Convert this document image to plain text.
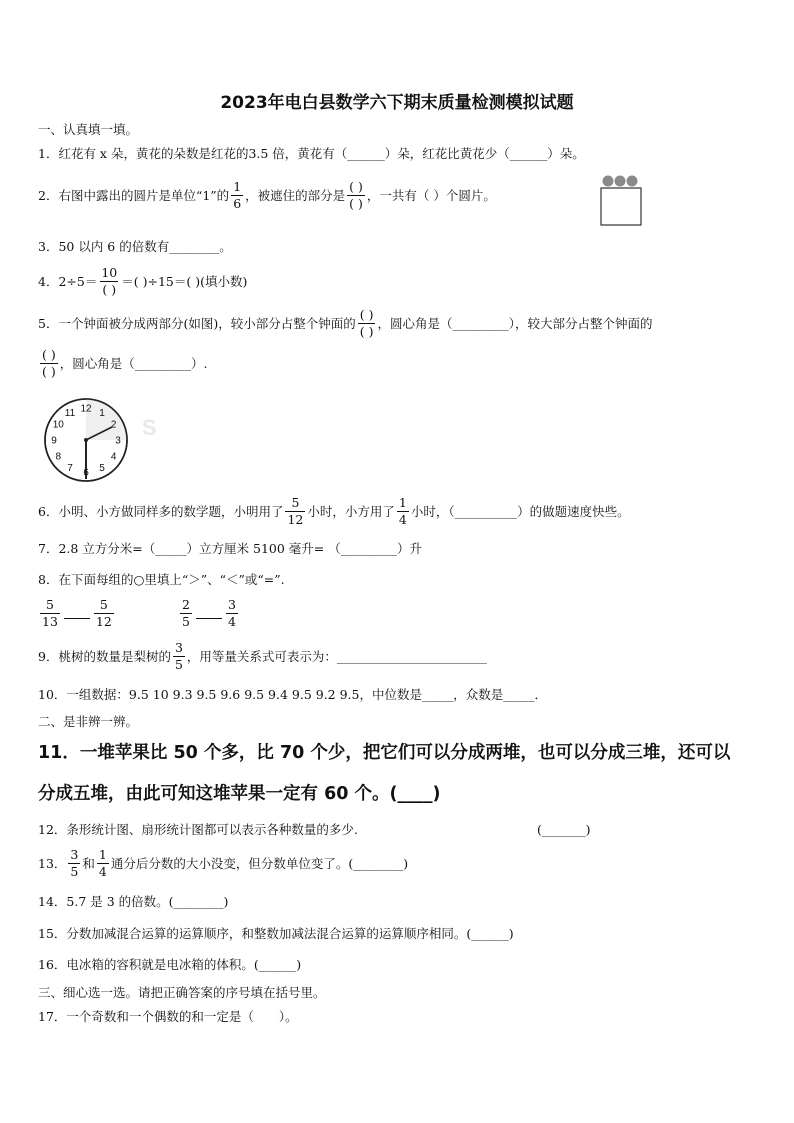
2023年电白县数学六下期末质量检测模拟试题
一、认真填一填。
1．红花有 x 朵，黄花的朵数是红花的3.5 倍，黄花有（______）朵，红花比黄花少（______）朵。
2．右图中露出的圆片是单位“1”的 $\frac{1}{6}$ ，被遮住的部分是 $\frac{( )}{( )}$ ，一共有（ ）个圆片。
3．50 以内 6 的倍数有________。
4．$2\div 5= \frac{10}{( )}$ ＝( )÷15＝( )(填小数)
5．一个钟面被分成两部分(如图)，较小部分占整个钟面的 $\frac{( )}{( )}$ ，圆心角是（_________），较大部分占整个钟面的
$\frac{( )}{( )}$ ，圆心角是（_________）.
12 1
2
3
4
5
6
7
8
9
10
11
S
6．小明、小方做同样多的数学题，小明用了 $\frac{5}{12}$ 小时，小方用了 $\frac{1}{4}$ 小时，（__________）的做题速度快些。
7．2.8 立方分米=（_____）立方厘米 5100 毫升= （_________）升
8．在下面每组的○里填上“＞”、“＜”或“=”.
$\frac{5}{13}$	$\frac{5}{12}$	$\frac{2}{5}$	$\frac{3}{4}$
9．桃树的数量是梨树的 $\frac{3}{5}$ ，用等量关系式可表示为：________________________
10．一组数据：9.5 10 9.3 9.5 9.6 9.5 9.4 9.5 9.2 9.5，中位数是_____，众数是_____．
二、是非辨一辨。
11．一堆苹果比 50 个多，比 70 个少，把它们可以分成两堆，也可以分成三堆，还可以
分成五堆，由此可知这堆苹果一定有 60 个。(____)
12．条形统计图、扇形统计图都可以表示各种数量的多少.	(_______)
13． $\frac{3}{5}$ 和 $\frac{1}{4}$ 通分后分数的大小没变，但分数单位变了。(________)
14．5.7 是 3 的倍数。(________)
15．分数加减混合运算的运算顺序，和整数加减法混合运算的运算顺序相同。(______)
16．电冰箱的容积就是电冰箱的体积。(______)
三、细心选一选。请把正确答案的序号填在括号里。
17．一个奇数和一个偶数的和一定是（　　）。
